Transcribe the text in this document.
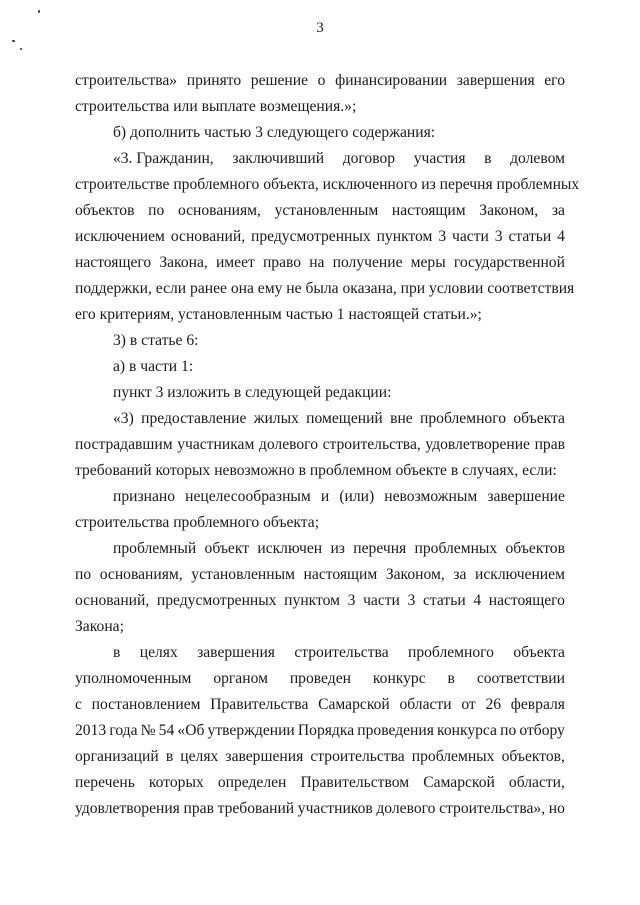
3
строительства» принято решение о финансировании завершения его
строительства или выплате возмещения.»;
б) дополнить частью 3 следующего содержания:
«3. Гражданин, заключивший договор участия в долевом
строительстве проблемного объекта, исключенного из перечня проблемных
объектов по основаниям, установленным настоящим Законом, за
исключением оснований, предусмотренных пунктом 3 части 3 статьи 4
настоящего Закона, имеет право на получение меры государственной
поддержки, если ранее она ему не была оказана, при условии соответствия
его критериям, установленным частью 1 настоящей статьи.»;
3) в статье 6:
а) в части 1:
пункт 3 изложить в следующей редакции:
«3) предоставление жилых помещений вне проблемного объекта
пострадавшим участникам долевого строительства, удовлетворение прав
требований которых невозможно в проблемном объекте в случаях, если:
признано нецелесообразным и (или) невозможным завершение
строительства проблемного объекта;
проблемный объект исключен из перечня проблемных объектов
по основаниям, установленным настоящим Законом, за исключением
оснований, предусмотренных пунктом 3 части 3 статьи 4 настоящего
Закона;
в целях завершения строительства проблемного объекта
уполномоченным органом проведен конкурс в соответствии
с постановлением Правительства Самарской области от 26 февраля
2013 года № 54 «Об утверждении Порядка проведения конкурса по отбору
организаций в целях завершения строительства проблемных объектов,
перечень которых определен Правительством Самарской области,
удовлетворения прав требований участников долевого строительства», но
